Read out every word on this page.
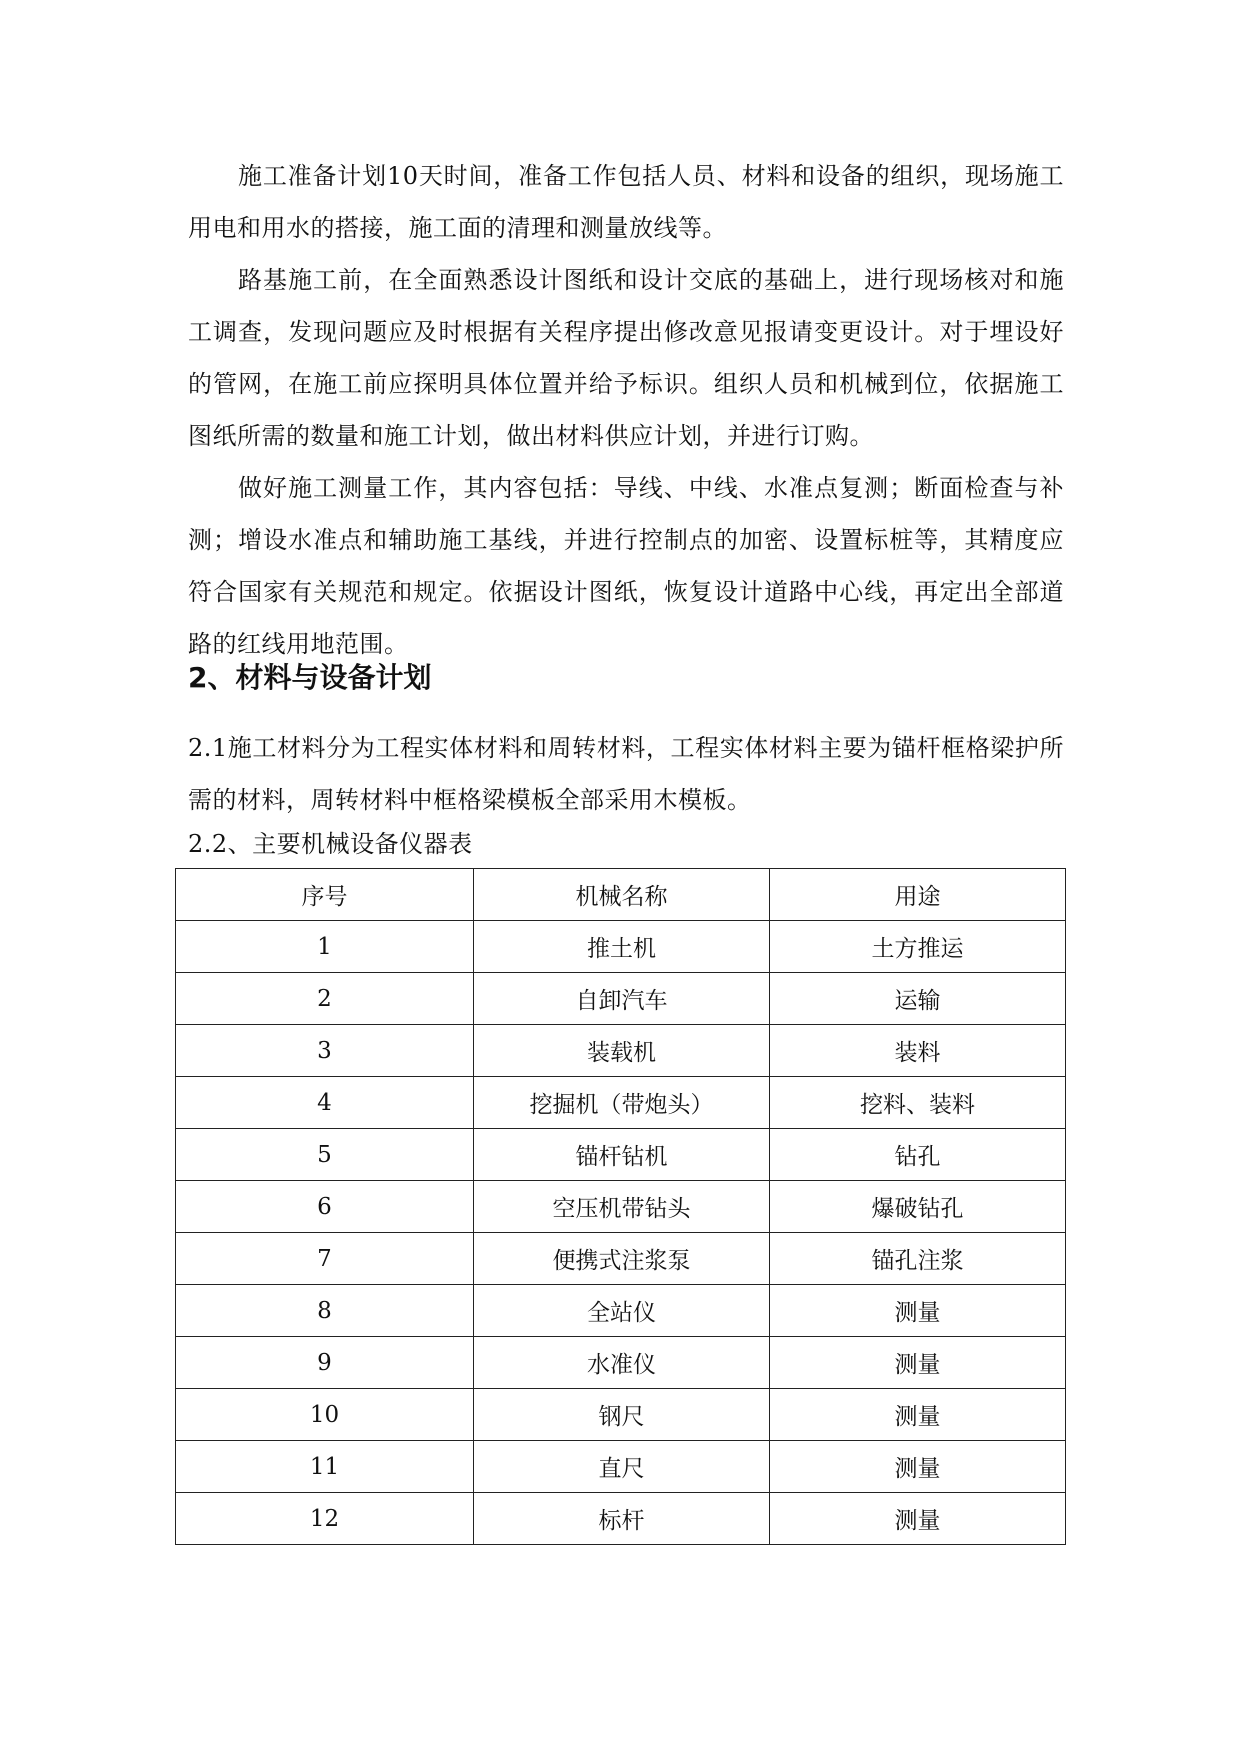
施工准备计划10天时间，准备工作包括人员、材料和设备的组织，现场施工用电和用水的搭接，施工面的清理和测量放线等。

路基施工前，在全面熟悉设计图纸和设计交底的基础上，进行现场核对和施工调查，发现问题应及时根据有关程序提出修改意见报请变更设计。对于埋设好的管网，在施工前应探明具体位置并给予标识。组织人员和机械到位，依据施工图纸所需的数量和施工计划，做出材料供应计划，并进行订购。

做好施工测量工作，其内容包括：导线、中线、水准点复测；断面检查与补测；增设水准点和辅助施工基线，并进行控制点的加密、设置标桩等，其精度应符合国家有关规范和规定。依据设计图纸，恢复设计道路中心线，再定出全部道路的红线用地范围。

2、材料与设备计划

2.1施工材料分为工程实体材料和周转材料，工程实体材料主要为锚杆框格梁护所需的材料，周转材料中框格梁模板全部采用木模板。

2.2、主要机械设备仪器表

序号	机械名称	用途
1	推土机	土方推运
2	自卸汽车	运输
3	装载机	装料
4	挖掘机（带炮头）	挖料、装料
5	锚杆钻机	钻孔
6	空压机带钻头	爆破钻孔
7	便携式注浆泵	锚孔注浆
8	全站仪	测量
9	水准仪	测量
10	钢尺	测量
11	直尺	测量
12	标杆	测量
